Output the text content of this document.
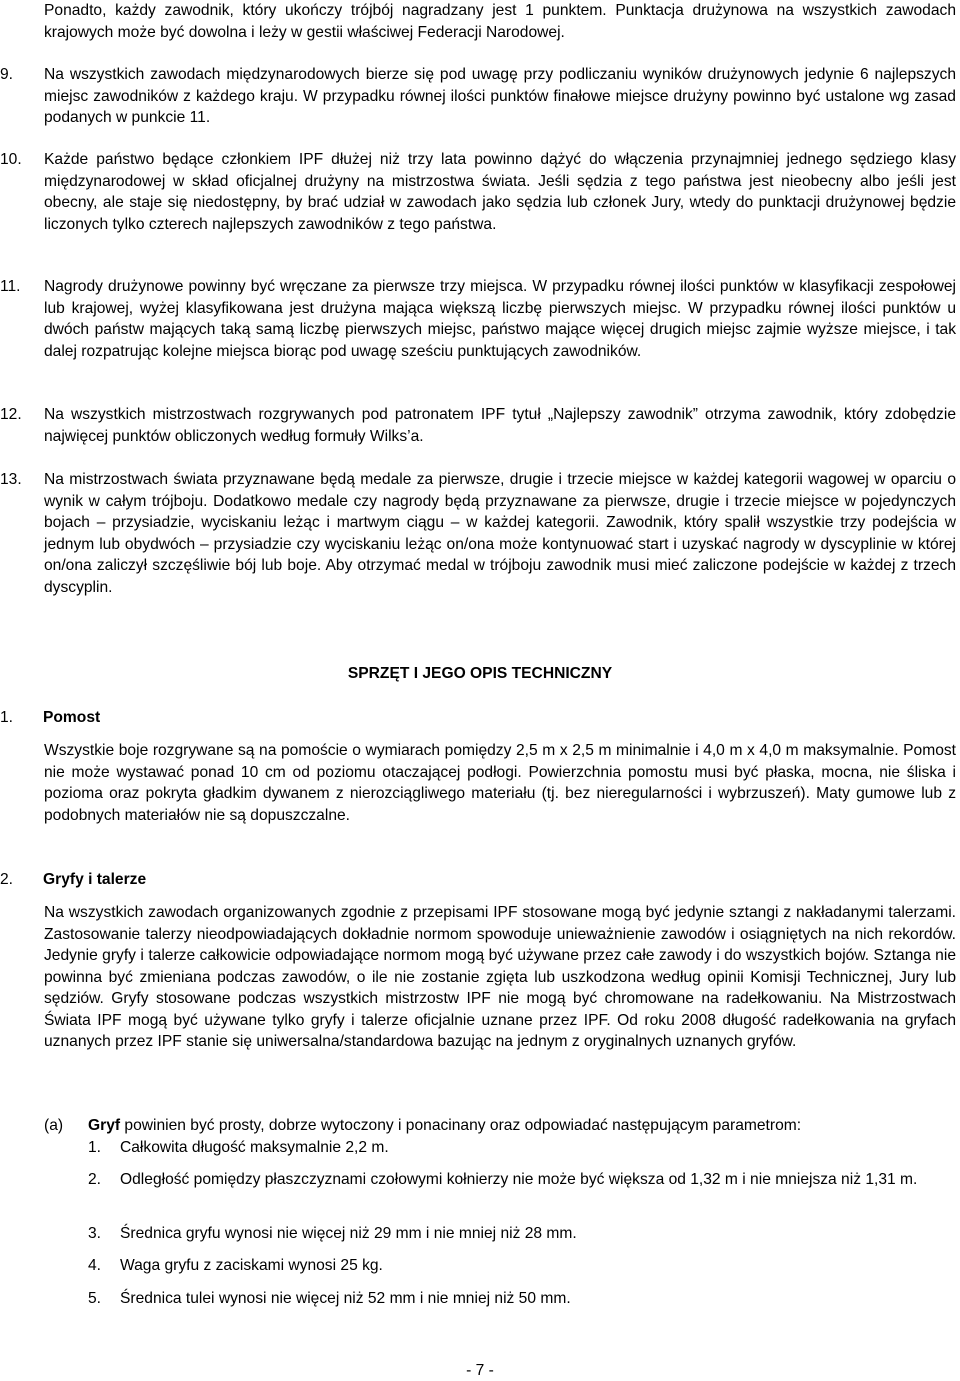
Ponadto, każdy zawodnik, który ukończy trójbój nagradzany jest 1 punktem. Punktacja drużynowa na wszystkich zawodach krajowych może być dowolna i leży w gestii właściwej Federacji Narodowej.

9. Na wszystkich zawodach międzynarodowych bierze się pod uwagę przy podliczaniu wyników drużynowych jedynie 6 najlepszych miejsc zawodników z każdego kraju. W przypadku równej ilości punktów finałowe miejsce drużyny powinno być ustalone wg zasad podanych w punkcie 11.

10. Każde państwo będące członkiem IPF dłużej niż trzy lata powinno dążyć do włączenia przynajmniej jednego sędziego klasy międzynarodowej w skład oficjalnej drużyny na mistrzostwa świata. Jeśli sędzia z tego państwa jest nieobecny albo jeśli jest obecny, ale staje się niedostępny, by brać udział w zawodach jako sędzia lub członek Jury, wtedy do punktacji drużynowej będzie liczonych tylko czterech najlepszych zawodników z tego państwa.

11. Nagrody drużynowe powinny być wręczane za pierwsze trzy miejsca. W przypadku równej ilości punktów w klasyfikacji zespołowej lub krajowej, wyżej klasyfikowana jest drużyna mająca większą liczbę pierwszych miejsc. W przypadku równej ilości punktów u dwóch państw mających taką samą liczbę pierwszych miejsc, państwo mające więcej drugich miejsc zajmie wyższe miejsce, i tak dalej rozpatrując kolejne miejsca biorąc pod uwagę sześciu punktujących zawodników.

12. Na wszystkich mistrzostwach rozgrywanych pod patronatem IPF tytuł „Najlepszy zawodnik” otrzyma zawodnik, który zdobędzie najwięcej punktów obliczonych według formuły Wilks’a.

13. Na mistrzostwach świata przyznawane będą medale za pierwsze, drugie i trzecie miejsce w każdej kategorii wagowej w oparciu o wynik w całym trójboju. Dodatkowo medale czy nagrody będą przyznawane za pierwsze, drugie i trzecie miejsce w pojedynczych bojach – przysiadzie, wyciskaniu leżąc i martwym ciągu – w każdej kategorii. Zawodnik, który spalił wszystkie trzy podejścia w jednym lub obydwóch – przysiadzie czy wyciskaniu leżąc on/ona może kontynuować start i uzyskać nagrody w dyscyplinie w której on/ona zaliczył szczęśliwie bój lub boje. Aby otrzymać medal w trójboju zawodnik musi mieć zaliczone podejście w każdej z trzech dyscyplin.

SPRZĘT I JEGO OPIS TECHNICZNY
1. Pomost

Wszystkie boje rozgrywane są na pomoście o wymiarach pomiędzy 2,5 m x 2,5 m minimalnie i 4,0 m x 4,0 m maksymalnie. Pomost nie może wystawać ponad 10 cm od poziomu otaczającej podłogi. Powierzchnia pomostu musi być płaska, mocna, nie śliska i pozioma oraz pokryta gładkim dywanem z nierozciągliwego materiału (tj. bez nieregularności i wybrzuszeń). Maty gumowe lub z podobnych materiałów nie są dopuszczalne.

2. Gryfy i talerze

Na wszystkich zawodach organizowanych zgodnie z przepisami IPF stosowane mogą być jedynie sztangi z nakładanymi talerzami. Zastosowanie talerzy nieodpowiadających dokładnie normom spowoduje unieważnienie zawodów i osiągniętych na nich rekordów. Jedynie gryfy i talerze całkowicie odpowiadające normom mogą być używane przez całe zawody i do wszystkich bojów. Sztanga nie powinna być zmieniana podczas zawodów, o ile nie zostanie zgięta lub uszkodzona według opinii Komisji Technicznej, Jury lub sędziów. Gryfy stosowane podczas wszystkich mistrzostw IPF nie mogą być chromowane na radełkowaniu. Na Mistrzostwach Świata IPF mogą być używane tylko gryfy i talerze oficjalnie uznane przez IPF. Od roku 2008 długość radełkowania na gryfach uznanych przez IPF stanie się uniwersalna/standardowa bazując na jednym z oryginalnych uznanych gryfów.

(a) Gryf powinien być prosty, dobrze wytoczony i ponacinany oraz odpowiadać następującym parametrom:

1. Całkowita długość maksymalnie 2,2 m.

2. Odległość pomiędzy płaszczyznami czołowymi kołnierzy nie może być większa od 1,32 m i nie mniejsza niż 1,31 m.

3. Średnica gryfu wynosi nie więcej niż 29 mm i nie mniej niż 28 mm.

4. Waga gryfu z zaciskami wynosi 25 kg.

5. Średnica tulei wynosi nie więcej niż 52 mm i nie mniej niż 50 mm.

- 7 -
